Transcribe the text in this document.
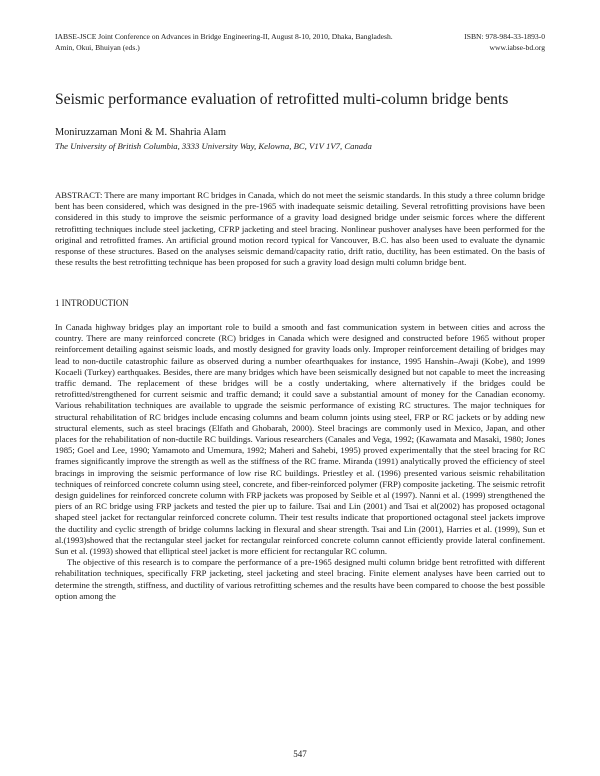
IABSE-JSCE Joint Conference on Advances in Bridge Engineering-II, August 8-10, 2010, Dhaka, Bangladesh.
Amin, Okui, Bhuiyan (eds.)
ISBN: 978-984-33-1893-0
www.iabse-bd.org
Seismic performance evaluation of retrofitted multi-column bridge bents
Moniruzzaman Moni & M. Shahria Alam
The University of British Columbia, 3333 University Way, Kelowna, BC, V1V 1V7, Canada

ABSTRACT: There are many important RC bridges in Canada, which do not meet the seismic standards. In this study a three column bridge bent has been considered, which was designed in the pre-1965 with inadequate seismic detailing. Several retrofitting provisions have been considered in this study to improve the seismic performance of a gravity load designed bridge under seismic forces where the different retrofitting techniques include steel jacketing, CFRP jacketing and steel bracing. Nonlinear pushover analyses have been performed for the original and retrofitted frames. An artificial ground motion record typical for Vancouver, B.C. has also been used to evaluate the dynamic response of these structures. Based on the analyses seismic demand/capacity ratio, drift ratio, ductility, has been estimated. On the basis of these results the best retrofitting technique has been proposed for such a gravity load design multi column bridge bent.

1 INTRODUCTION

In Canada highway bridges play an important role to build a smooth and fast communication system in between cities and across the country. There are many reinforced concrete (RC) bridges in Canada which were designed and constructed before 1965 without proper reinforcement detailing against seismic loads, and mostly designed for gravity loads only. Improper reinforcement detailing of bridges may lead to non-ductile catastrophic failure as observed during a number ofearthquakes for instance, 1995 Hanshin–Awaji (Kobe), and 1999 Kocaeli (Turkey) earthquakes. Besides, there are many bridges which have been seismically designed but not capable to meet the increasing traffic demand. The replacement of these bridges will be a costly undertaking, where alternatively if the bridges could be retrofitted/strengthened for current seismic and traffic demand; it could save a substantial amount of money for the Canadian economy. Various rehabilitation techniques are available to upgrade the seismic performance of existing RC structures. The major techniques for structural rehabilitation of RC bridges include encasing columns and beam column joints using steel, FRP or RC jackets or by adding new structural elements, such as steel bracings (Elfath and Ghobarah, 2000). Steel bracings are commonly used in Mexico, Japan, and other places for the rehabilitation of non-ductile RC buildings. Various researchers (Canales and Vega, 1992; (Kawamata and Masaki, 1980; Jones 1985; Goel and Lee, 1990; Yamamoto and Umemura, 1992; Maheri and Sahebi, 1995) proved experimentally that the steel bracing for RC frames significantly improve the strength as well as the stiffness of the RC frame. Miranda (1991) analytically proved the efficiency of steel bracings in improving the seismic performance of low rise RC buildings. Priestley et al. (1996) presented various seismic rehabilitation techniques of reinforced concrete column using steel, concrete, and fiber-reinforced polymer (FRP) composite jacketing. The seismic retrofit design guidelines for reinforced concrete column with FRP jackets was proposed by Seible et al (1997). Nanni et al. (1999) strengthened the piers of an RC bridge using FRP jackets and tested the pier up to failure. Tsai and Lin (2001) and Tsai et al(2002) has proposed octagonal shaped steel jacket for rectangular reinforced concrete column. Their test results indicate that proportioned octagonal steel jackets improve the ductility and cyclic strength of bridge columns lacking in flexural and shear strength. Tsai and Lin (2001), Harries et al. (1999), Sun et al.(1993)showed that the rectangular steel jacket for rectangular reinforced concrete column cannot efficiently provide lateral confinement. Sun et al. (1993) showed that elliptical steel jacket is more efficient for rectangular RC column.

The objective of this research is to compare the performance of a pre-1965 designed multi column bridge bent retrofitted with different rehabilitation techniques, specifically FRP jacketing, steel jacketing and steel bracing. Finite element analyses have been carried out to determine the strength, stiffness, and ductility of various retrofitting schemes and the results have been compared to choose the best possible option among the

547
